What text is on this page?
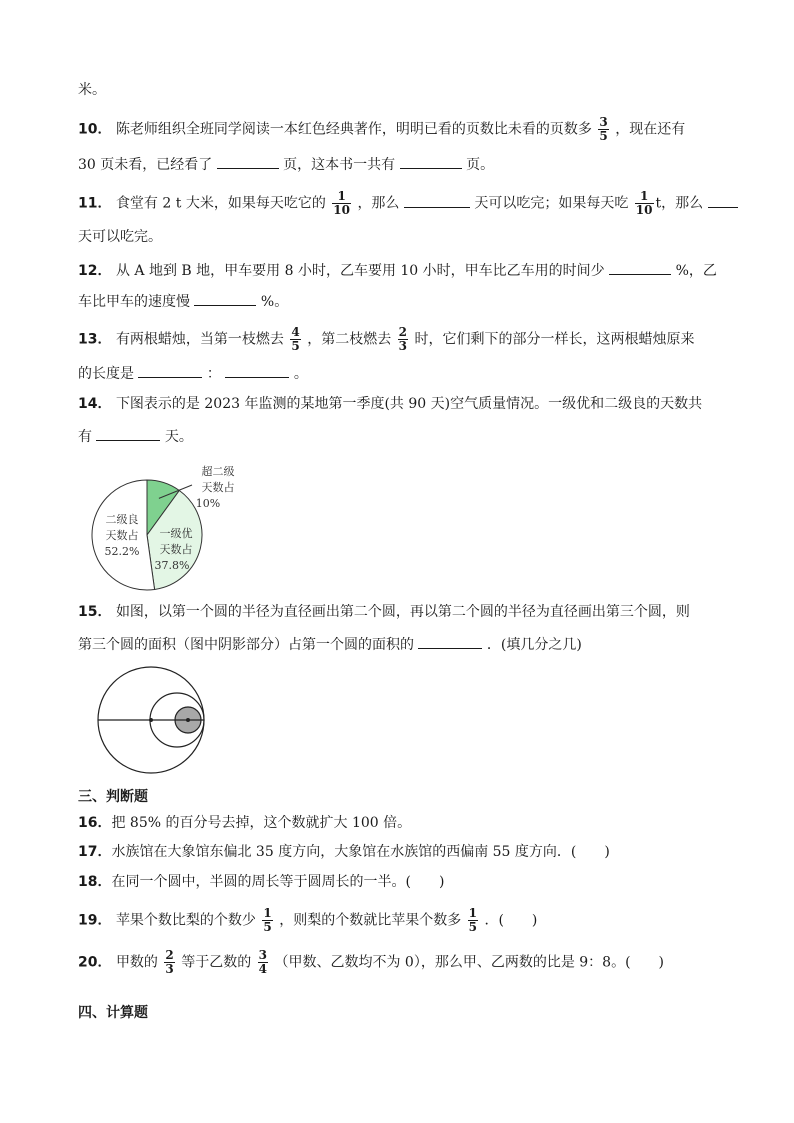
米。
10． 陈老师组织全班同学阅读一本红色经典著作，明明已看的页数比未看的页数多 $\frac{3}{5}$ ，现在还有
30 页未看，已经看了	页，这本书一共有	页。
11． 食堂有 2 t 大米，如果每天吃它的 $\frac{1}{10}$ ，那么	天可以吃完；如果每天吃 $\frac{1}{10}$ t，那么
天可以吃完。
12． 从 A 地到 B 地，甲车要用 8 小时，乙车要用 10 小时，甲车比乙车用的时间少	%，乙
车比甲车的速度慢	%。
13． 有两根蜡烛，当第一枝燃去 $\frac{4}{5}$ ，第二枝燃去 $\frac{2}{3}$ 时，它们剩下的部分一样长，这两根蜡烛原来
的长度是	：	。
14． 下图表示的是 2023 年监测的某地第一季度(共 90 天)空气质量情况。一级优和二级良的天数共
有	天。
超二级
天数占
10%
一级优
天数占
37.8%
二级良
天数占
52.2%
15． 如图，以第一个圆的半径为直径画出第二个圆，再以第二个圆的半径为直径画出第三个圆，则
第三个圆的面积（图中阴影部分）占第一个圆的面积的	．(填几分之几)
三、判断题
16．把 85% 的百分号去掉，这个数就扩大 100 倍。
17．水族馆在大象馆东偏北 35 度方向，大象馆在水族馆的西偏南 55 度方向．(　　)
18．在同一个圆中，半圆的周长等于圆周长的一半。(　　)
19． 苹果个数比梨的个数少 $\frac{1}{5}$ ，则梨的个数就比苹果个数多 $\frac{1}{5}$ ．(　　)
20． 甲数的 $\frac{2}{3}$ 等于乙数的 $\frac{3}{4}$ （甲数、乙数均不为 0），那么甲、乙两数的比是 9：8。(　　)
四、计算题
